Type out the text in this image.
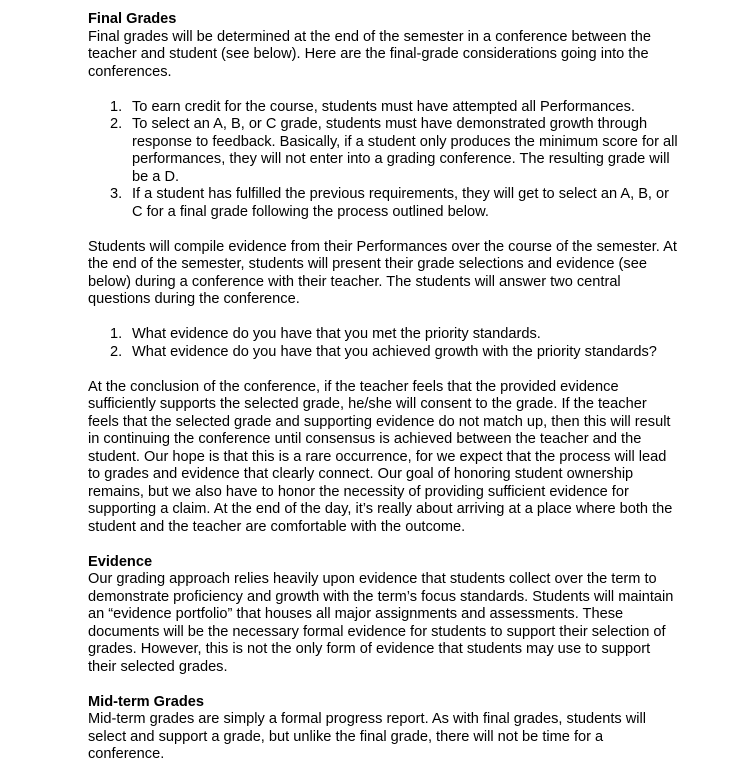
Final Grades

Final grades will be determined at the end of the semester in a conference between the teacher and student (see below). Here are the final-grade considerations going into the conferences.

1. To earn credit for the course, students must have attempted all Performances.
2. To select an A, B, or C grade, students must have demonstrated growth through response to feedback. Basically, if a student only produces the minimum score for all performances, they will not enter into a grading conference. The resulting grade will be a D.
3. If a student has fulfilled the previous requirements, they will get to select an A, B, or C for a final grade following the process outlined below.

Students will compile evidence from their Performances over the course of the semester. At the end of the semester, students will present their grade selections and evidence (see below) during a conference with their teacher. The students will answer two central questions during the conference.

1. What evidence do you have that you met the priority standards.
2. What evidence do you have that you achieved growth with the priority standards?

At the conclusion of the conference, if the teacher feels that the provided evidence sufficiently supports the selected grade, he/she will consent to the grade. If the teacher feels that the selected grade and supporting evidence do not match up, then this will result in continuing the conference until consensus is achieved between the teacher and the student. Our hope is that this is a rare occurrence, for we expect that the process will lead to grades and evidence that clearly connect. Our goal of honoring student ownership remains, but we also have to honor the necessity of providing sufficient evidence for supporting a claim. At the end of the day, it’s really about arriving at a place where both the student and the teacher are comfortable with the outcome.

Evidence

Our grading approach relies heavily upon evidence that students collect over the term to demonstrate proficiency and growth with the term’s focus standards. Students will maintain an “evidence portfolio” that houses all major assignments and assessments. These documents will be the necessary formal evidence for students to support their selection of grades. However, this is not the only form of evidence that students may use to support their selected grades.

Mid-term Grades

Mid-term grades are simply a formal progress report. As with final grades, students will select and support a grade, but unlike the final grade, there will not be time for a conference.
